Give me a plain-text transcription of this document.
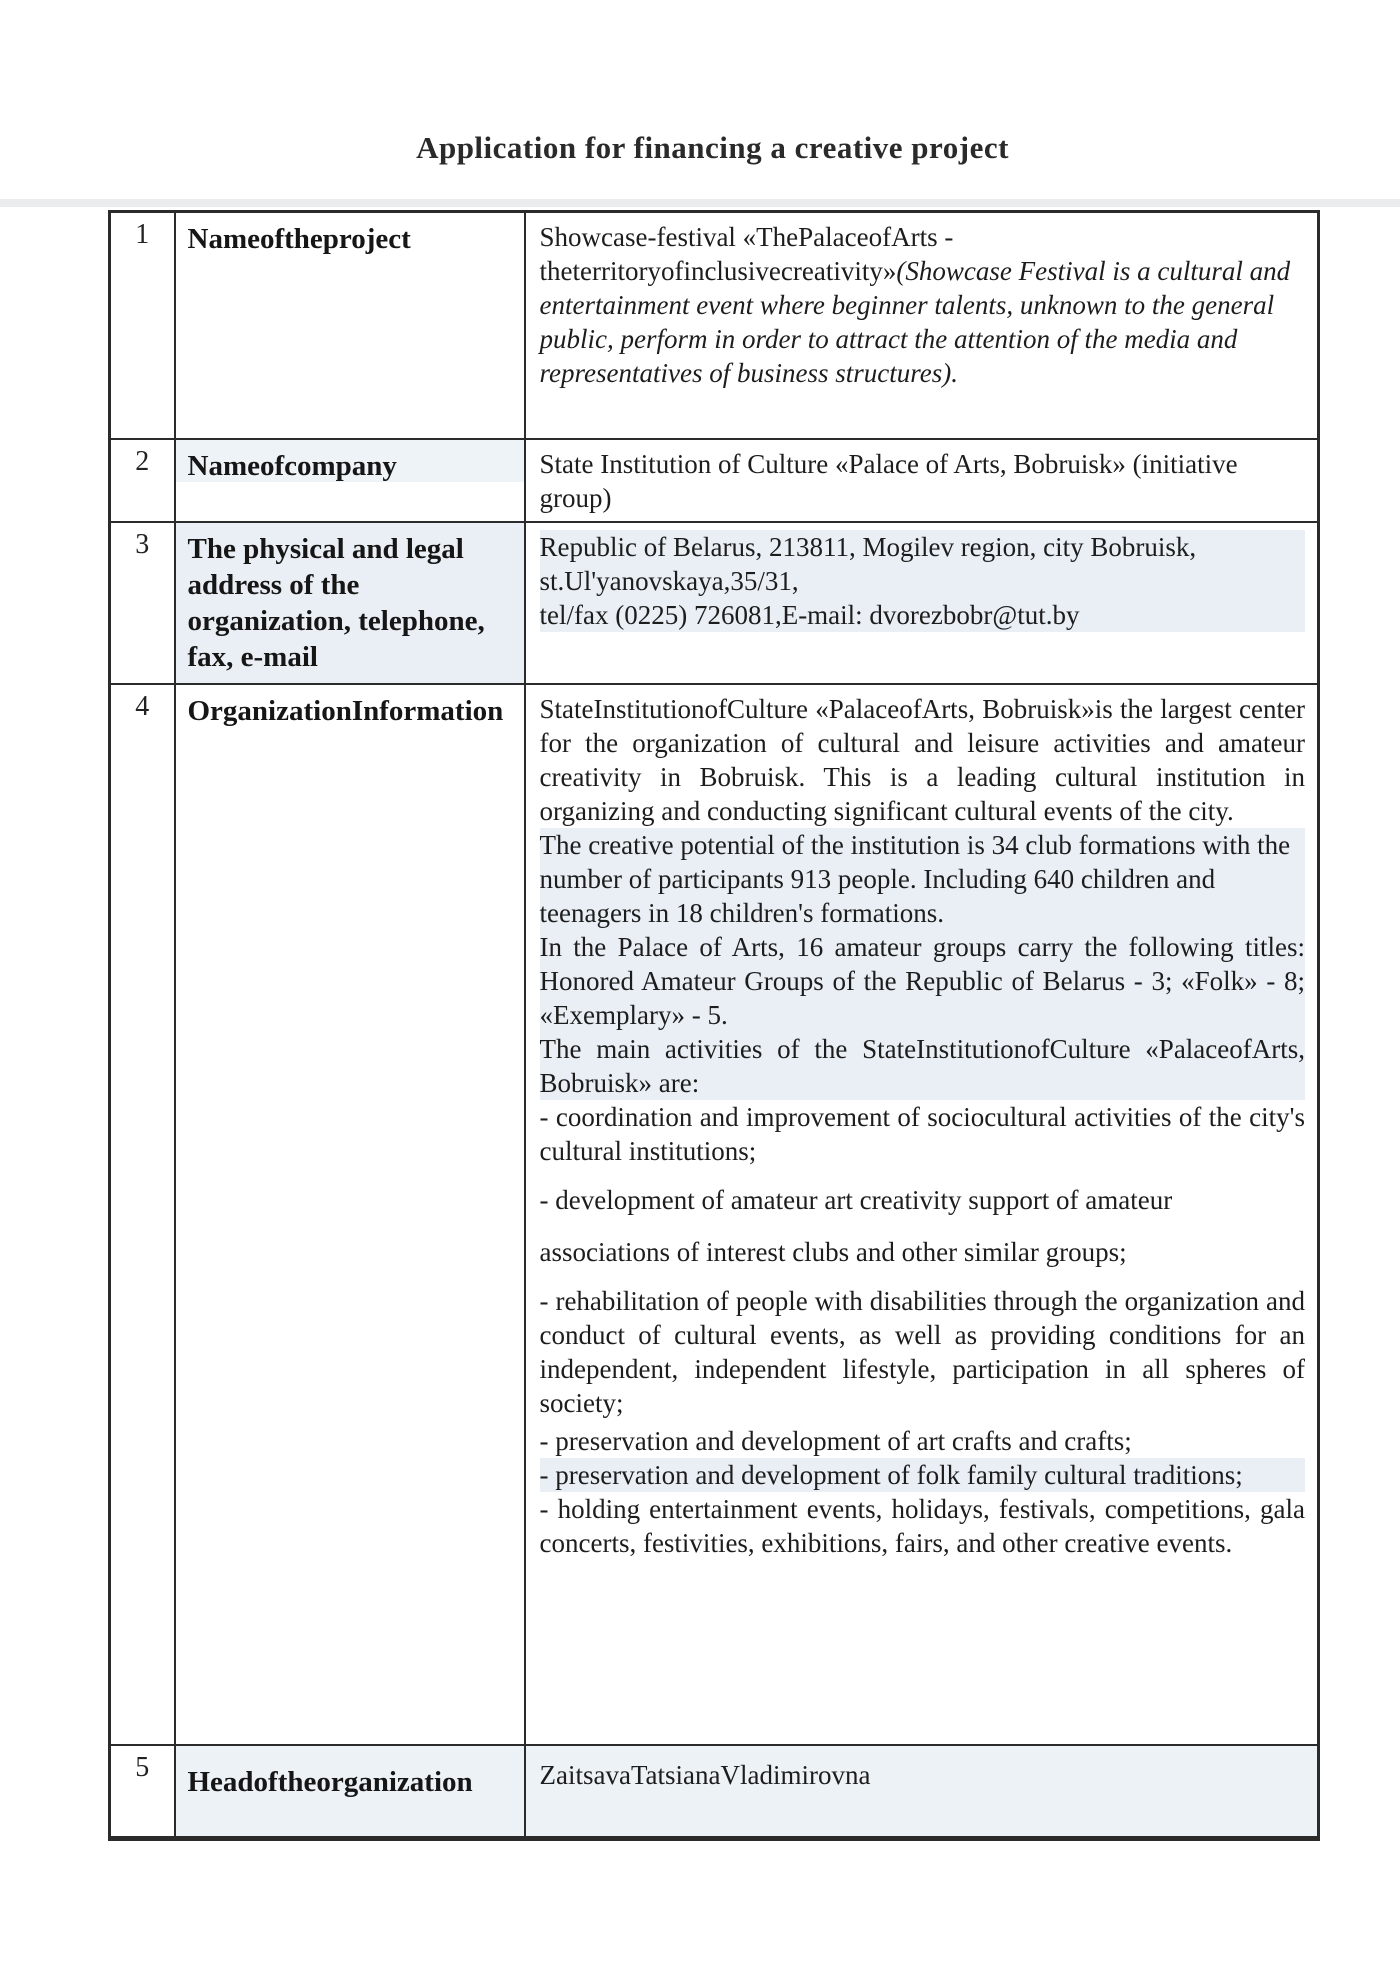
Application for financing a creative project
1	Nameoftheproject	Showcase-festival «ThePalaceofArts - theterritoryofinclusivecreativity»(Showcase Festival is a cultural and entertainment event where beginner talents, unknown to the general public, perform in order to attract the attention of the media and representatives of business structures).

2	Nameofcompany	State Institution of Culture «Palace of Arts, Bobruisk» (initiative group)

3	The physical and legal address of the organization, telephone, fax, e-mail	Republic of Belarus, 213811, Mogilev region, city Bobruisk, st.Ul'yanovskaya,35/31,

tel/fax (0225) 726081,E-mail: dvorezbobr@tut.by

4	OrganizationInformation	StateInstitutionofCulture «PalaceofArts, Bobruisk»is the largest center for the organization of cultural and leisure activities and amateur creativity in Bobruisk. This is a leading cultural institution in organizing and conducting significant cultural events of the city.

The creative potential of the institution is 34 club formations with the number of participants 913 people. Including 640 children and teenagers in 18 children's formations.

In the Palace of Arts, 16 amateur groups carry the following titles: Honored Amateur Groups of the Republic of Belarus - 3; «Folk» - 8; «Exemplary» - 5.

The main activities of the StateInstitutionofCulture «PalaceofArts, Bobruisk» are:

- coordination and improvement of sociocultural activities of the city's cultural institutions;

- development of amateur art creativity support of amateur associations of interest clubs and other similar groups;

- rehabilitation of people with disabilities through the organization and conduct of cultural events, as well as providing conditions for an independent, independent lifestyle, participation in all spheres of society;

- preservation and development of art crafts and crafts;

- preservation and development of folk family cultural traditions;

- holding entertainment events, holidays, festivals, competitions, gala concerts, festivities, exhibitions, fairs, and other creative events.

5	Headoftheorganization	ZaitsavaTatsianaVladimirovna
